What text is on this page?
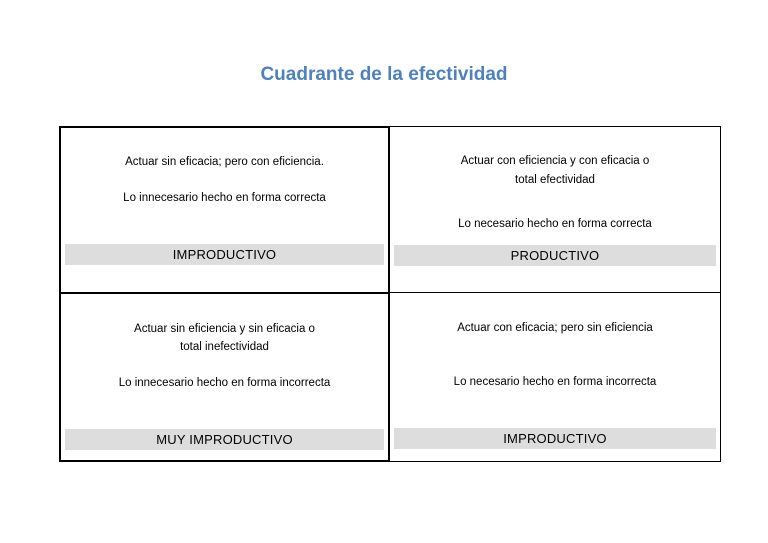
Cuadrante de la efectividad
Actuar sin eficacia; pero con eficiencia.
Lo innecesario hecho en forma correcta
IMPRODUCTIVO
Actuar con eficiencia y con eficacia o
total efectividad
Lo necesario hecho en forma correcta
PRODUCTIVO
Actuar sin eficiencia y sin eficacia o
total inefectividad
Lo innecesario hecho en forma incorrecta
MUY IMPRODUCTIVO
Actuar con eficacia; pero sin eficiencia
Lo necesario hecho en forma incorrecta
IMPRODUCTIVO
